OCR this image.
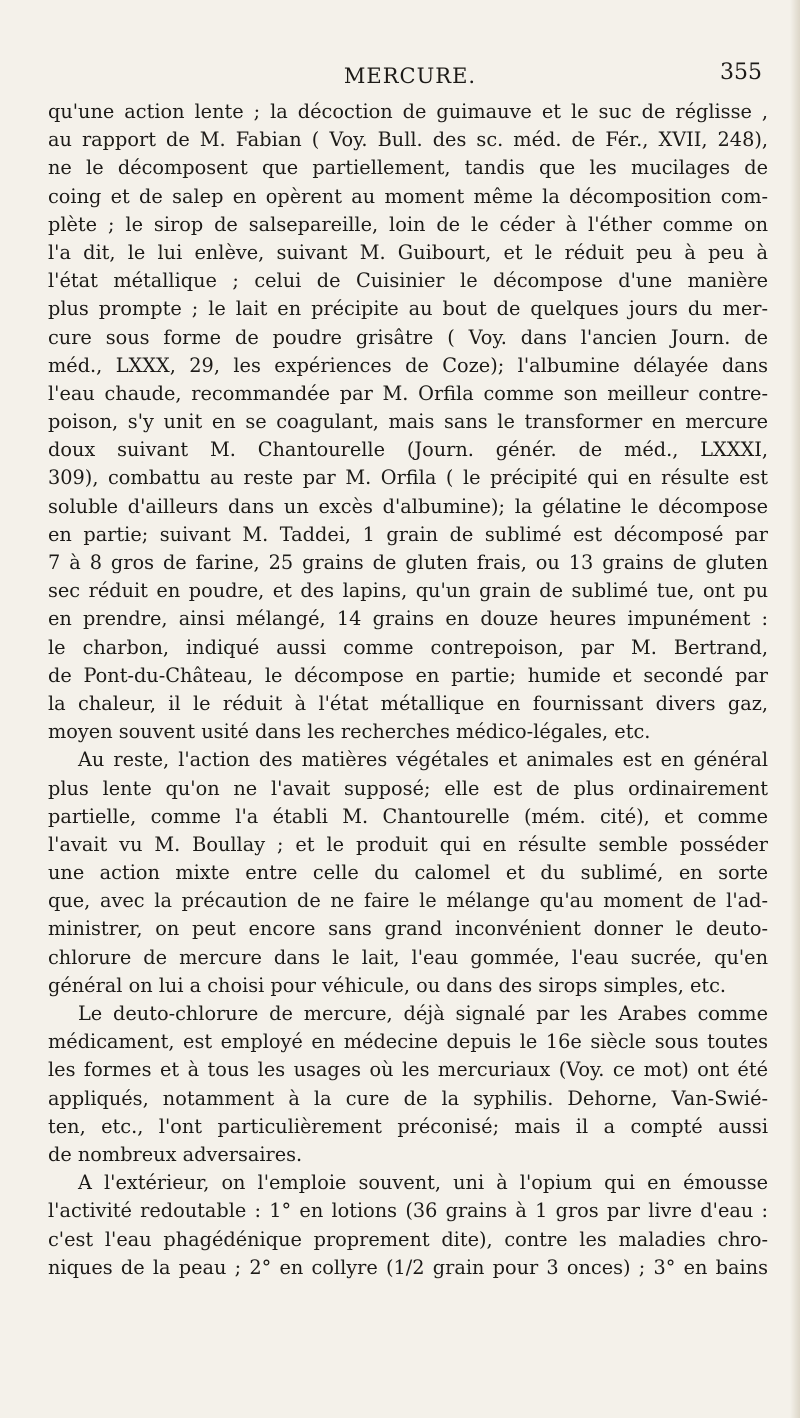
MERCURE.	355
qu'une action lente ; la décoction de guimauve et le suc de réglisse ,
au rapport de M. Fabian ( Voy. Bull. des sc. méd. de Fér., XVII, 248),
ne le décomposent que partiellement, tandis que les mucilages de
coing et de salep en opèrent au moment même la décomposition com-
plète ; le sirop de salsepareille, loin de le céder à l'éther comme on
l'a dit, le lui enlève, suivant M. Guibourt, et le réduit peu à peu à
l'état métallique ; celui de Cuisinier le décompose d'une manière
plus prompte ; le lait en précipite au bout de quelques jours du mer-
cure sous forme de poudre grisâtre ( Voy. dans l'ancien Journ. de
méd., LXXX, 29, les expériences de Coze); l'albumine délayée dans
l'eau chaude, recommandée par M. Orfila comme son meilleur contre-
poison, s'y unit en se coagulant, mais sans le transformer en mercure
doux suivant M. Chantourelle (Journ. génér. de méd., LXXXI,
309), combattu au reste par M. Orfila ( le précipité qui en résulte est
soluble d'ailleurs dans un excès d'albumine); la gélatine le décompose
en partie; suivant M. Taddei, 1 grain de sublimé est décomposé par
7 à 8 gros de farine, 25 grains de gluten frais, ou 13 grains de gluten
sec réduit en poudre, et des lapins, qu'un grain de sublimé tue, ont pu
en prendre, ainsi mélangé, 14 grains en douze heures impunément :
le charbon, indiqué aussi comme contrepoison, par M. Bertrand,
de Pont-du-Château, le décompose en partie; humide et secondé par
la chaleur, il le réduit à l'état métallique en fournissant divers gaz,
moyen souvent usité dans les recherches médico-légales, etc.
Au reste, l'action des matières végétales et animales est en général
plus lente qu'on ne l'avait supposé; elle est de plus ordinairement
partielle, comme l'a établi M. Chantourelle (mém. cité), et comme
l'avait vu M. Boullay ; et le produit qui en résulte semble posséder
une action mixte entre celle du calomel et du sublimé, en sorte
que, avec la précaution de ne faire le mélange qu'au moment de l'ad-
ministrer, on peut encore sans grand inconvénient donner le deuto-
chlorure de mercure dans le lait, l'eau gommée, l'eau sucrée, qu'en
général on lui a choisi pour véhicule, ou dans des sirops simples, etc.
Le deuto-chlorure de mercure, déjà signalé par les Arabes comme
médicament, est employé en médecine depuis le 16e siècle sous toutes
les formes et à tous les usages où les mercuriaux (Voy. ce mot) ont été
appliqués, notamment à la cure de la syphilis. Dehorne, Van-Swié-
ten, etc., l'ont particulièrement préconisé; mais il a compté aussi
de nombreux adversaires.
A l'extérieur, on l'emploie souvent, uni à l'opium qui en émousse
l'activité redoutable : 1° en lotions (36 grains à 1 gros par livre d'eau :
c'est l'eau phagédénique proprement dite), contre les maladies chro-
niques de la peau ; 2° en collyre (1/2 grain pour 3 onces) ; 3° en bains
